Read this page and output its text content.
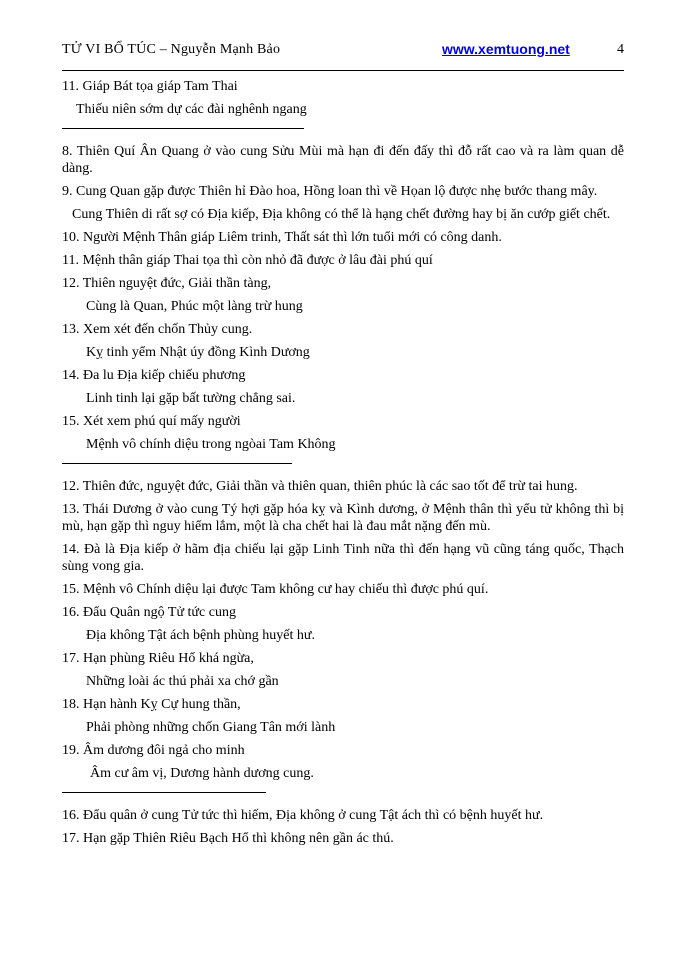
TỬ VI BỔ TÚC – Nguyễn Mạnh Bảo	www.xemtuong.net	4

11. Giáp Bát tọa giáp Tam Thai

Thiếu niên sớm dự các đài nghênh ngang

8. Thiên Quí Ân Quang ở vào cung Sửu Mùi mà hạn đi đến đấy thì đỗ rất cao và ra làm quan dễ dàng.

9. Cung Quan gặp được Thiên hỉ Đào hoa, Hồng loan thì về Họan lộ được nhẹ bước thang mây.

Cung Thiên di rất sợ có Địa kiếp, Địa không có thể là hạng chết đường hay bị ăn cướp giết chết.

10. Người Mệnh Thân giáp Liêm trinh, Thất sát thì lớn tuổi mới có công danh.

11. Mệnh thân giáp Thai tọa thì còn nhỏ đã được ở lâu đài phú quí

12. Thiên nguyệt đức, Giải thần tàng,

Cùng là Quan, Phúc một làng trừ hung

13. Xem xét đến chốn Thủy cung.

Kỵ tinh yểm Nhật úy đồng Kình Dương

14. Đa lu Địa kiếp chiếu phương

Linh tinh lại gặp bất tường chẳng sai.

15. Xét xem phú quí mấy người

Mệnh vô chính diệu trong ngòai Tam Không

12. Thiên đức, nguyệt đức, Giải thần và thiên quan, thiên phúc là các sao tốt để trừ tai hung.

13. Thái Dương ở vào cung Tý hợi gặp hóa kỵ và Kình dương, ở Mệnh thân thì yểu tử không thì bị mù, hạn gặp thì nguy hiểm lắm, một là cha chết hai là đau mắt nặng đến mù.

14. Đà là Địa kiếp ở hãm địa chiếu lại gặp Linh Tinh nữa thì đến hạng vũ cũng táng quốc, Thạch sùng vong gia.

15. Mệnh vô Chính diệu lại được Tam không cư hay chiếu thì được phú quí.

16. Đẩu Quân ngộ Tử tức cung

Địa không Tật ách bệnh phùng huyết hư.

17. Hạn phùng Riêu Hổ khá ngừa,

Những loài ác thú phải xa chớ gần

18. Hạn hành Kỵ Cự hung thần,

Phải phòng những chốn Giang Tân mới lành

19. Âm dương đôi ngả cho minh

Âm cư âm vị, Dương hành dương cung.

16. Đẩu quân ở cung Tử tức thì hiếm, Địa không ở cung Tật ách thì có bệnh huyết hư.

17. Hạn gặp Thiên Riêu Bạch Hổ thì không nên gần ác thú.
